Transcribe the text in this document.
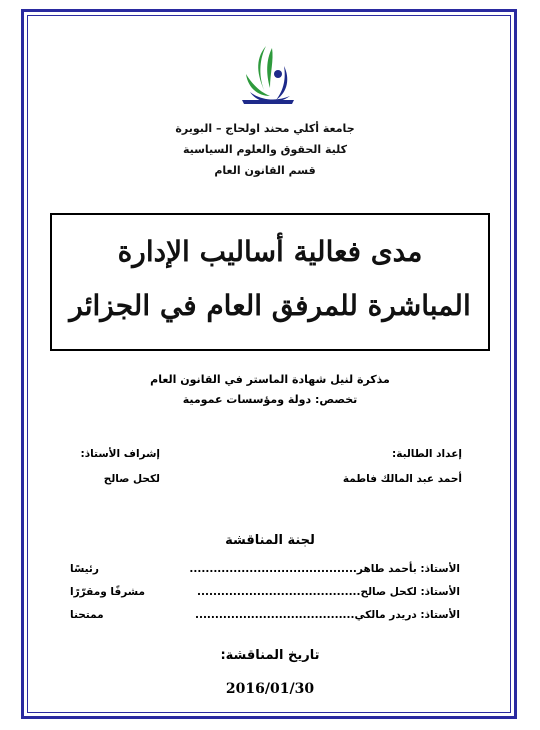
جامعة أكلي محند اولحاج – البويرة
كلية الحقوق والعلوم السياسية
قسم القانون العام
مدى فعالية أساليب الإدارة
المباشرة للمرفق العام في الجزائر
مذكرة لنيل شهادة الماستر في القانون العام
تخصص: دولة ومؤسسات عمومية
إعداد الطالبة:
أحمد عبد المالك فاطمة
إشراف الأستاذ:
لكحل صالح
لجنة المناقشة
الأستاذ: بأحمد طاهر..........................................
رئيسًا
الأستاذ: لكحل صالح.........................................
مشرفًا ومقرّرًا
الأستاذ: دريدر مالكي........................................
ممتحنا
تاريخ المناقشة:
2016/01/30
